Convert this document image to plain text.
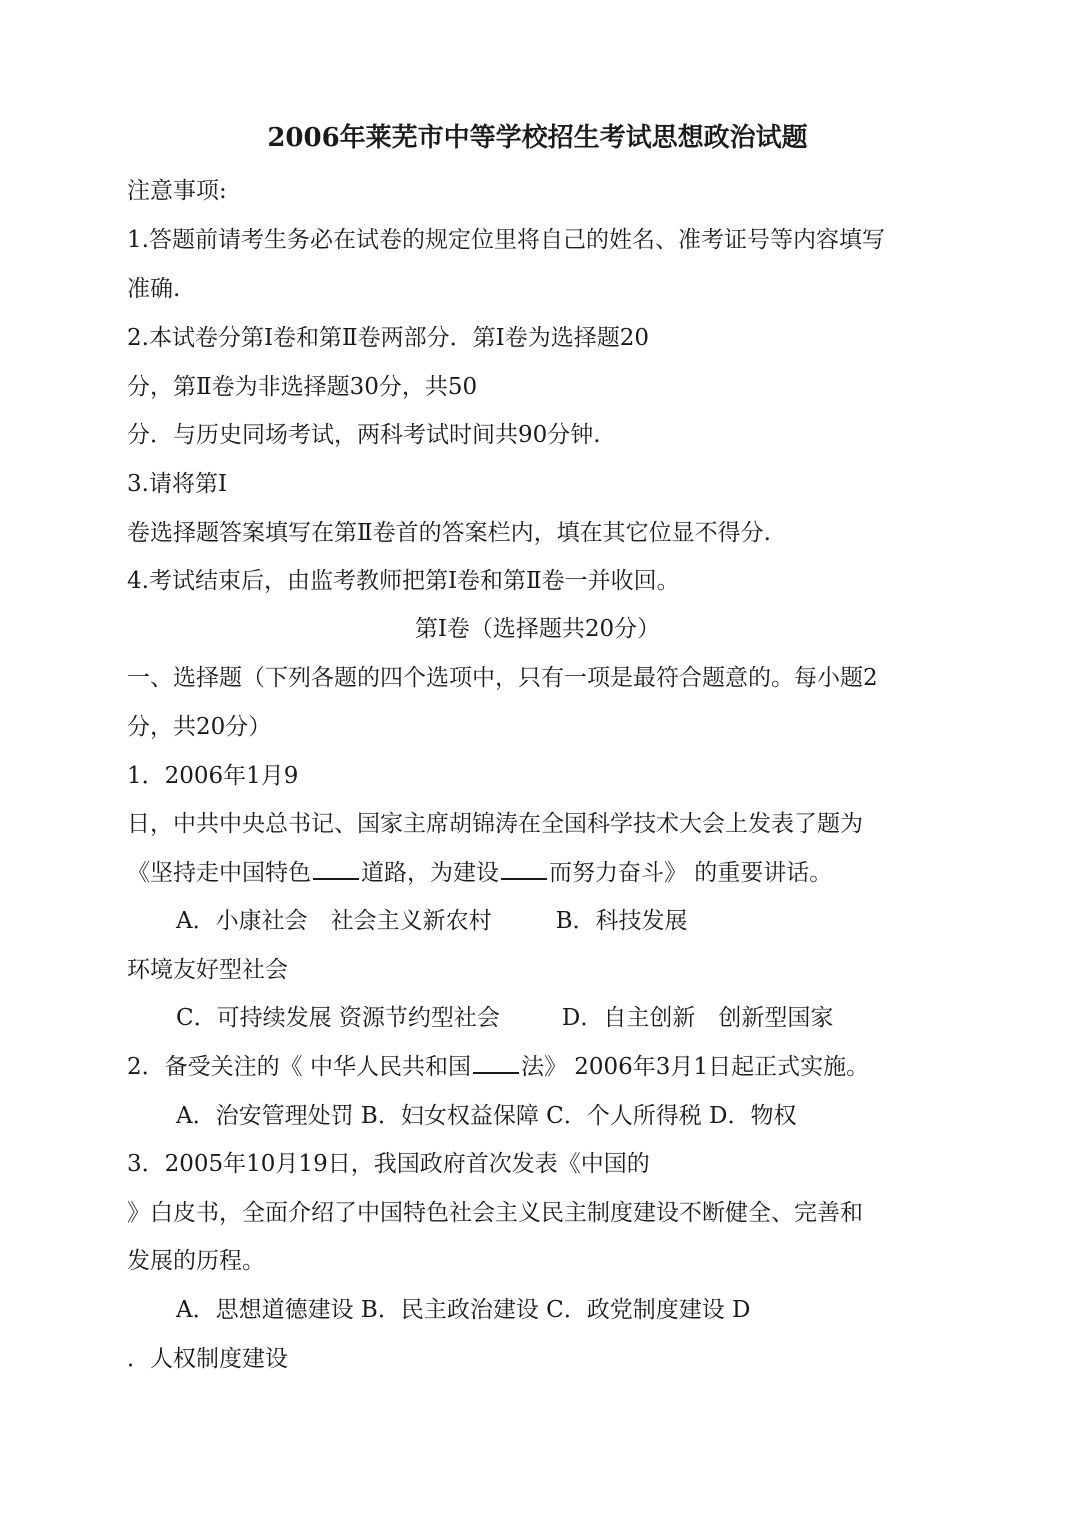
2006年莱芜市中等学校招生考试思想政治试题
注意事项:
1.答题前请考生务必在试卷的规定位里将自己的姓名、准考证号等内容填写
准确.
2.本试卷分第I卷和第Ⅱ卷两部分．第I卷为选择题20
分，第Ⅱ卷为非选择题30分，共50
分．与历史同场考试，两科考试时间共90分钟.
3.请将第I
卷选择题答案填写在第Ⅱ卷首的答案栏内，填在其它位显不得分.
4.考试结束后，由监考教师把第I卷和第Ⅱ卷一并收回。
第I卷（选择题共20分）
一、选择题（下列各题的四个选项中，只有一项是最符合题意的。每小题2
分，共20分）
1．2006年1月9
日，中共中央总书记、国家主席胡锦涛在全国科学技术大会上发表了题为
《坚持走中国特色 道路，为建设 而努力奋斗》 的重要讲话。
A．小康社会　社会主义新农村	B．科技发展
环境友好型社会
C．可持续发展 资源节约型社会	D．自主创新　创新型国家
2．备受关注的《 中华人民共和国 法》 2006年3月1日起正式实施。
A．治安管理处罚 B．妇女权益保障 C．个人所得税 D．物权
3．2005年10月19日，我国政府首次发表《中国的
》白皮书，全面介绍了中国特色社会主义民主制度建设不断健全、完善和
发展的历程。
A．思想道德建设 B．民主政治建设 C．政党制度建设 D
．人权制度建设
